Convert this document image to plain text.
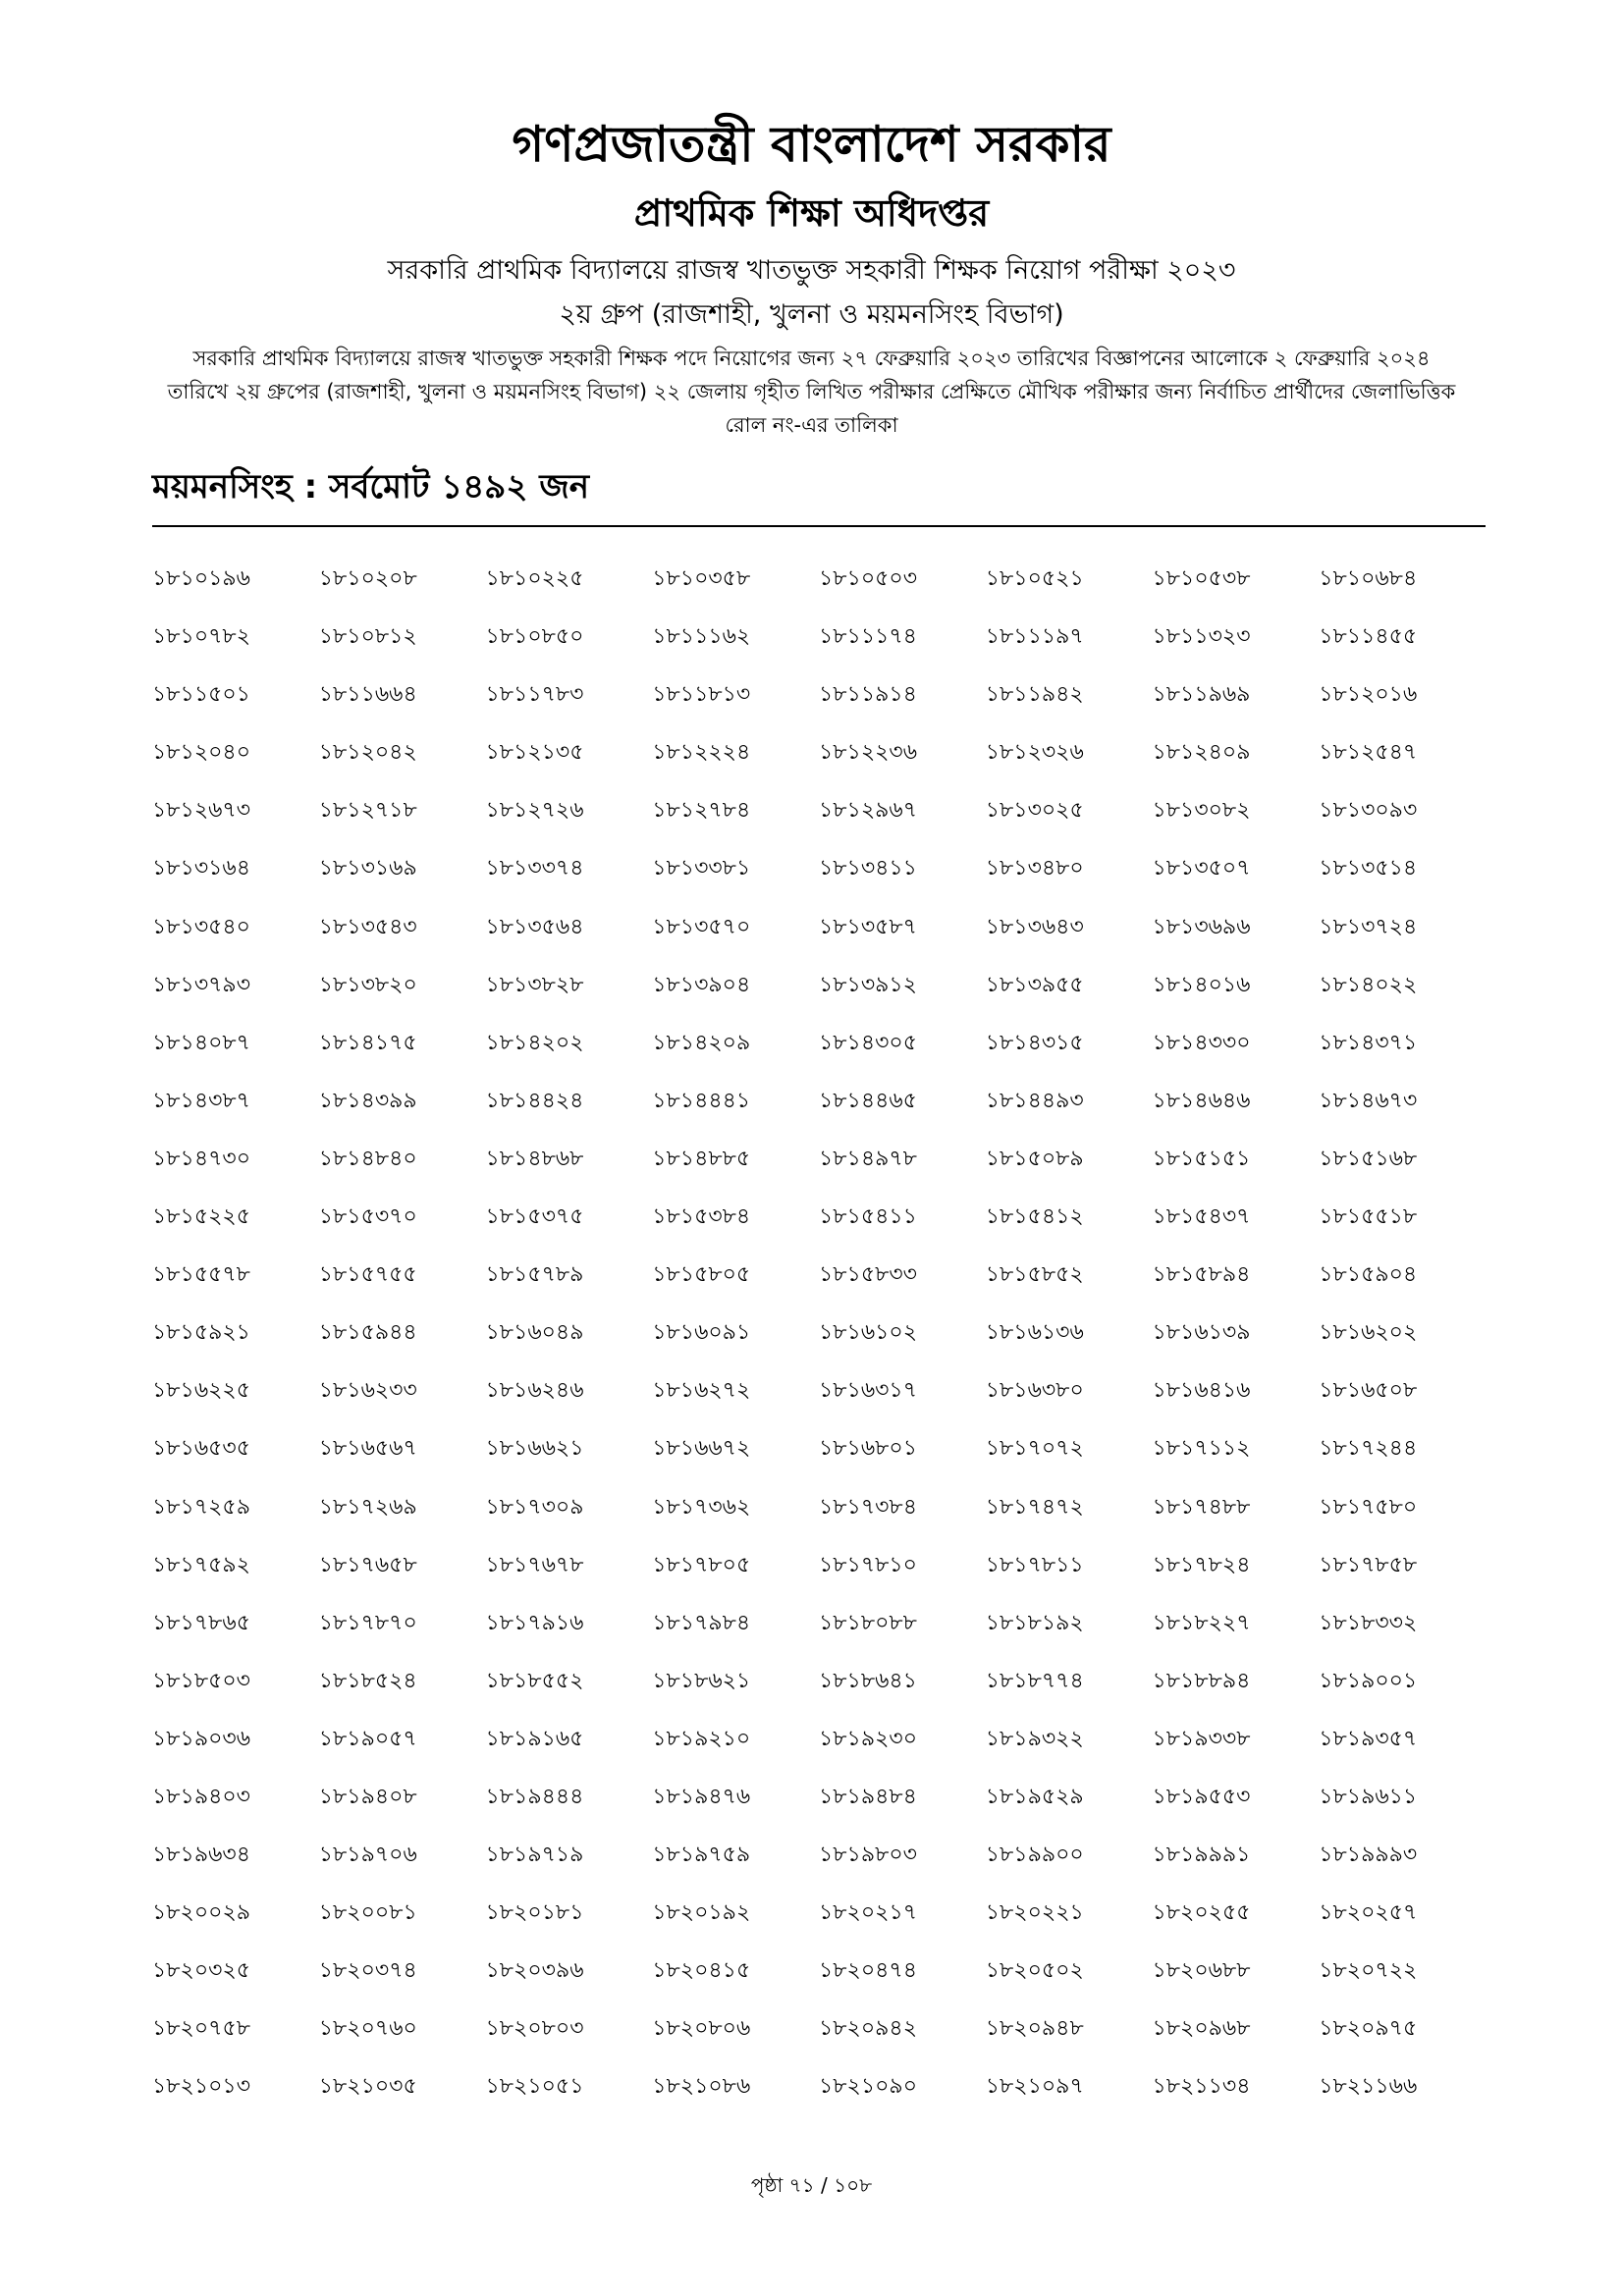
গণপ্রজাতন্ত্রী বাংলাদেশ সরকার
প্রাথমিক শিক্ষা অধিদপ্তর
সরকারি প্রাথমিক বিদ্যালয়ে রাজস্ব খাতভুক্ত সহকারী শিক্ষক নিয়োগ পরীক্ষা ২০২৩
২য় গ্রুপ (রাজশাহী, খুলনা ও ময়মনসিংহ বিভাগ)
সরকারি প্রাথমিক বিদ্যালয়ে রাজস্ব খাতভুক্ত সহকারী শিক্ষক পদে নিয়োগের জন্য ২৭ ফেব্রুয়ারি ২০২৩ তারিখের বিজ্ঞাপনের আলোকে ২ ফেব্রুয়ারি ২০২৪ তারিখে ২য় গ্রুপের (রাজশাহী, খুলনা ও ময়মনসিংহ বিভাগ) ২২ জেলায় গৃহীত লিখিত পরীক্ষার প্রেক্ষিতে মৌখিক পরীক্ষার জন্য নির্বাচিত প্রার্থীদের জেলাভিত্তিক রোল নং-এর তালিকা
ময়মনসিংহ : সর্বমোট ১৪৯২ জন
১৮১০১৯৬	১৮১০২০৮	১৮১০২২৫	১৮১০৩৫৮	১৮১০৫০৩	১৮১০৫২১	১৮১০৫৩৮	১৮১০৬৮৪
১৮১০৭৮২	১৮১০৮১২	১৮১০৮৫০	১৮১১১৬২	১৮১১১৭৪	১৮১১১৯৭	১৮১১৩২৩	১৮১১৪৫৫
১৮১১৫০১	১৮১১৬৬৪	১৮১১৭৮৩	১৮১১৮১৩	১৮১১৯১৪	১৮১১৯৪২	১৮১১৯৬৯	১৮১২০১৬
১৮১২০৪০	১৮১২০৪২	১৮১২১৩৫	১৮১২২২৪	১৮১২২৩৬	১৮১২৩২৬	১৮১২৪০৯	১৮১২৫৪৭
১৮১২৬৭৩	১৮১২৭১৮	১৮১২৭২৬	১৮১২৭৮৪	১৮১২৯৬৭	১৮১৩০২৫	১৮১৩০৮২	১৮১৩০৯৩
১৮১৩১৬৪	১৮১৩১৬৯	১৮১৩৩৭৪	১৮১৩৩৮১	১৮১৩৪১১	১৮১৩৪৮০	১৮১৩৫০৭	১৮১৩৫১৪
১৮১৩৫৪০	১৮১৩৫৪৩	১৮১৩৫৬৪	১৮১৩৫৭০	১৮১৩৫৮৭	১৮১৩৬৪৩	১৮১৩৬৯৬	১৮১৩৭২৪
১৮১৩৭৯৩	১৮১৩৮২০	১৮১৩৮২৮	১৮১৩৯০৪	১৮১৩৯১২	১৮১৩৯৫৫	১৮১৪০১৬	১৮১৪০২২
১৮১৪০৮৭	১৮১৪১৭৫	১৮১৪২০২	১৮১৪২০৯	১৮১৪৩০৫	১৮১৪৩১৫	১৮১৪৩৩০	১৮১৪৩৭১
১৮১৪৩৮৭	১৮১৪৩৯৯	১৮১৪৪২৪	১৮১৪৪৪১	১৮১৪৪৬৫	১৮১৪৪৯৩	১৮১৪৬৪৬	১৮১৪৬৭৩
১৮১৪৭৩০	১৮১৪৮৪০	১৮১৪৮৬৮	১৮১৪৮৮৫	১৮১৪৯৭৮	১৮১৫০৮৯	১৮১৫১৫১	১৮১৫১৬৮
১৮১৫২২৫	১৮১৫৩৭০	১৮১৫৩৭৫	১৮১৫৩৮৪	১৮১৫৪১১	১৮১৫৪১২	১৮১৫৪৩৭	১৮১৫৫১৮
১৮১৫৫৭৮	১৮১৫৭৫৫	১৮১৫৭৮৯	১৮১৫৮০৫	১৮১৫৮৩৩	১৮১৫৮৫২	১৮১৫৮৯৪	১৮১৫৯০৪
১৮১৫৯২১	১৮১৫৯৪৪	১৮১৬০৪৯	১৮১৬০৯১	১৮১৬১০২	১৮১৬১৩৬	১৮১৬১৩৯	১৮১৬২০২
১৮১৬২২৫	১৮১৬২৩৩	১৮১৬২৪৬	১৮১৬২৭২	১৮১৬৩১৭	১৮১৬৩৮০	১৮১৬৪১৬	১৮১৬৫০৮
১৮১৬৫৩৫	১৮১৬৫৬৭	১৮১৬৬২১	১৮১৬৬৭২	১৮১৬৮০১	১৮১৭০৭২	১৮১৭১১২	১৮১৭২৪৪
১৮১৭২৫৯	১৮১৭২৬৯	১৮১৭৩০৯	১৮১৭৩৬২	১৮১৭৩৮৪	১৮১৭৪৭২	১৮১৭৪৮৮	১৮১৭৫৮০
১৮১৭৫৯২	১৮১৭৬৫৮	১৮১৭৬৭৮	১৮১৭৮০৫	১৮১৭৮১০	১৮১৭৮১১	১৮১৭৮২৪	১৮১৭৮৫৮
১৮১৭৮৬৫	১৮১৭৮৭০	১৮১৭৯১৬	১৮১৭৯৮৪	১৮১৮০৮৮	১৮১৮১৯২	১৮১৮২২৭	১৮১৮৩৩২
১৮১৮৫০৩	১৮১৮৫২৪	১৮১৮৫৫২	১৮১৮৬২১	১৮১৮৬৪১	১৮১৮৭৭৪	১৮১৮৮৯৪	১৮১৯০০১
১৮১৯০৩৬	১৮১৯০৫৭	১৮১৯১৬৫	১৮১৯২১০	১৮১৯২৩০	১৮১৯৩২২	১৮১৯৩৩৮	১৮১৯৩৫৭
১৮১৯৪০৩	১৮১৯৪০৮	১৮১৯৪৪৪	১৮১৯৪৭৬	১৮১৯৪৮৪	১৮১৯৫২৯	১৮১৯৫৫৩	১৮১৯৬১১
১৮১৯৬৩৪	১৮১৯৭০৬	১৮১৯৭১৯	১৮১৯৭৫৯	১৮১৯৮০৩	১৮১৯৯০০	১৮১৯৯৯১	১৮১৯৯৯৩
১৮২০০২৯	১৮২০০৮১	১৮২০১৮১	১৮২০১৯২	১৮২০২১৭	১৮২০২২১	১৮২০২৫৫	১৮২০২৫৭
১৮২০৩২৫	১৮২০৩৭৪	১৮২০৩৯৬	১৮২০৪১৫	১৮২০৪৭৪	১৮২০৫০২	১৮২০৬৮৮	১৮২০৭২২
১৮২০৭৫৮	১৮২০৭৬০	১৮২০৮০৩	১৮২০৮০৬	১৮২০৯৪২	১৮২০৯৪৮	১৮২০৯৬৮	১৮২০৯৭৫
১৮২১০১৩	১৮২১০৩৫	১৮২১০৫১	১৮২১০৮৬	১৮২১০৯০	১৮২১০৯৭	১৮২১১৩৪	১৮২১১৬৬
পৃষ্ঠা ৭১ / ১০৮
